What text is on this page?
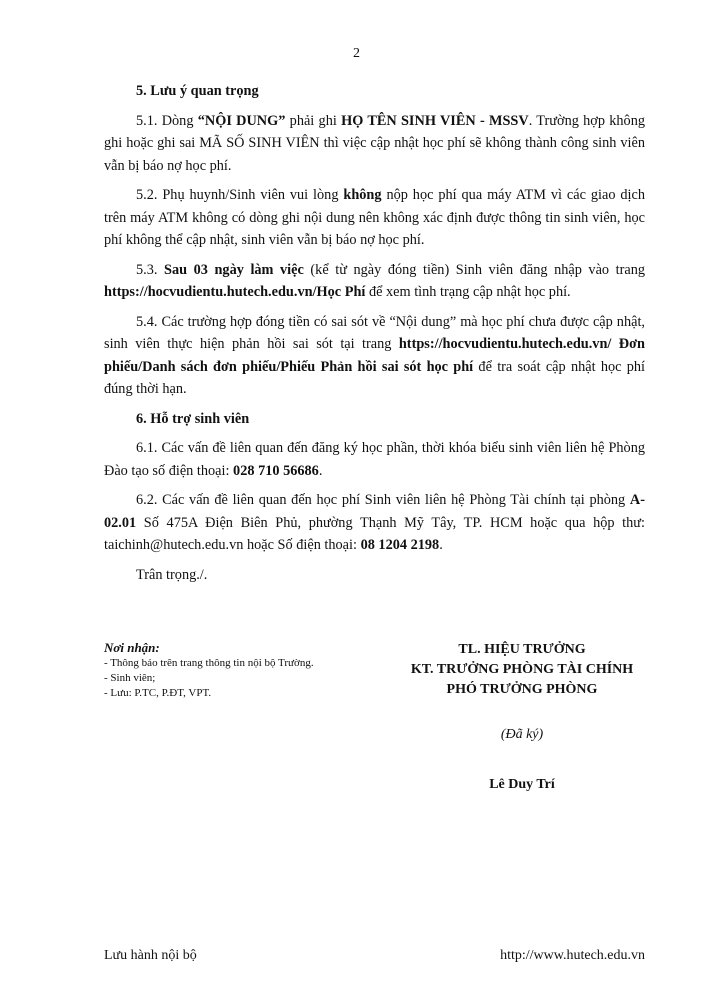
2

5. Lưu ý quan trọng

5.1. Dòng “NỘI DUNG” phải ghi HỌ TÊN SINH VIÊN - MSSV. Trường hợp không ghi hoặc ghi sai MÃ SỐ SINH VIÊN thì việc cập nhật học phí sẽ không thành công sinh viên vẫn bị báo nợ học phí.

5.2. Phụ huynh/Sinh viên vui lòng không nộp học phí qua máy ATM vì các giao dịch trên máy ATM không có dòng ghi nội dung nên không xác định được thông tin sinh viên, học phí không thể cập nhật, sinh viên vẫn bị báo nợ học phí.

5.3. Sau 03 ngày làm việc (kể từ ngày đóng tiền) Sinh viên đăng nhập vào trang https://hocvudientu.hutech.edu.vn/Học Phí để xem tình trạng cập nhật học phí.

5.4. Các trường hợp đóng tiền có sai sót về “Nội dung” mà học phí chưa được cập nhật, sinh viên thực hiện phản hồi sai sót tại trang https://hocvudientu.hutech.edu.vn/ Đơn phiếu/Danh sách đơn phiếu/Phiếu Phản hồi sai sót học phí để tra soát cập nhật học phí đúng thời hạn.

6. Hỗ trợ sinh viên

6.1. Các vấn đề liên quan đến đăng ký học phần, thời khóa biểu sinh viên liên hệ Phòng Đào tạo số điện thoại: 028 710 56686.

6.2. Các vấn đề liên quan đến học phí Sinh viên liên hệ Phòng Tài chính tại phòng A-02.01 Số 475A Điện Biên Phủ, phường Thạnh Mỹ Tây, TP. HCM hoặc qua hộp thư: taichinh@hutech.edu.vn hoặc Số điện thoại: 08 1204 2198.

Trân trọng./.

Nơi nhận:
- Thông báo trên trang thông tin nội bộ Trường.
- Sinh viên;
- Lưu: P.TC, P.ĐT, VPT.
TL. HIỆU TRƯỞNG
KT. TRƯỞNG PHÒNG TÀI CHÍNH
PHÓ TRƯỞNG PHÒNG
(Đã ký)
Lê Duy Trí
Lưu hành nội bộ	http://www.hutech.edu.vn
